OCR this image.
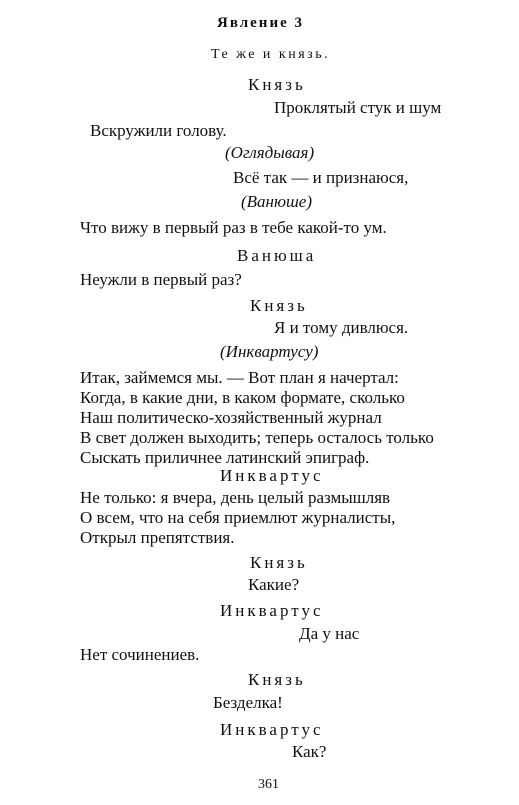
Явление 3

Те же и князь.

Князь

Проклятый стук и шум

Вскружили голову.

(Оглядывая)

Всё так — и признаюся,

(Ванюше)

Что вижу в первый раз в тебе какой-то ум.

Ванюша

Неужли в первый раз?

Князь

Я и тому дивлюся.

(Инквартусу)

Итак, займемся мы. — Вот план я начертал:

Когда, в какие дни, в каком формате, сколько

Наш политическо-хозяйственный журнал

В свет должен выходить; теперь осталось только

Сыскать приличнее латинский эпиграф.

Инквартус

Не только: я вчера, день целый размышляв

О всем, что на себя приемлют журналисты,

Открыл препятствия.

Князь

Какие?

Инквартус

Да у нас

Нет сочинениев.

Князь

Безделка!

Инквартус

Как?

361
